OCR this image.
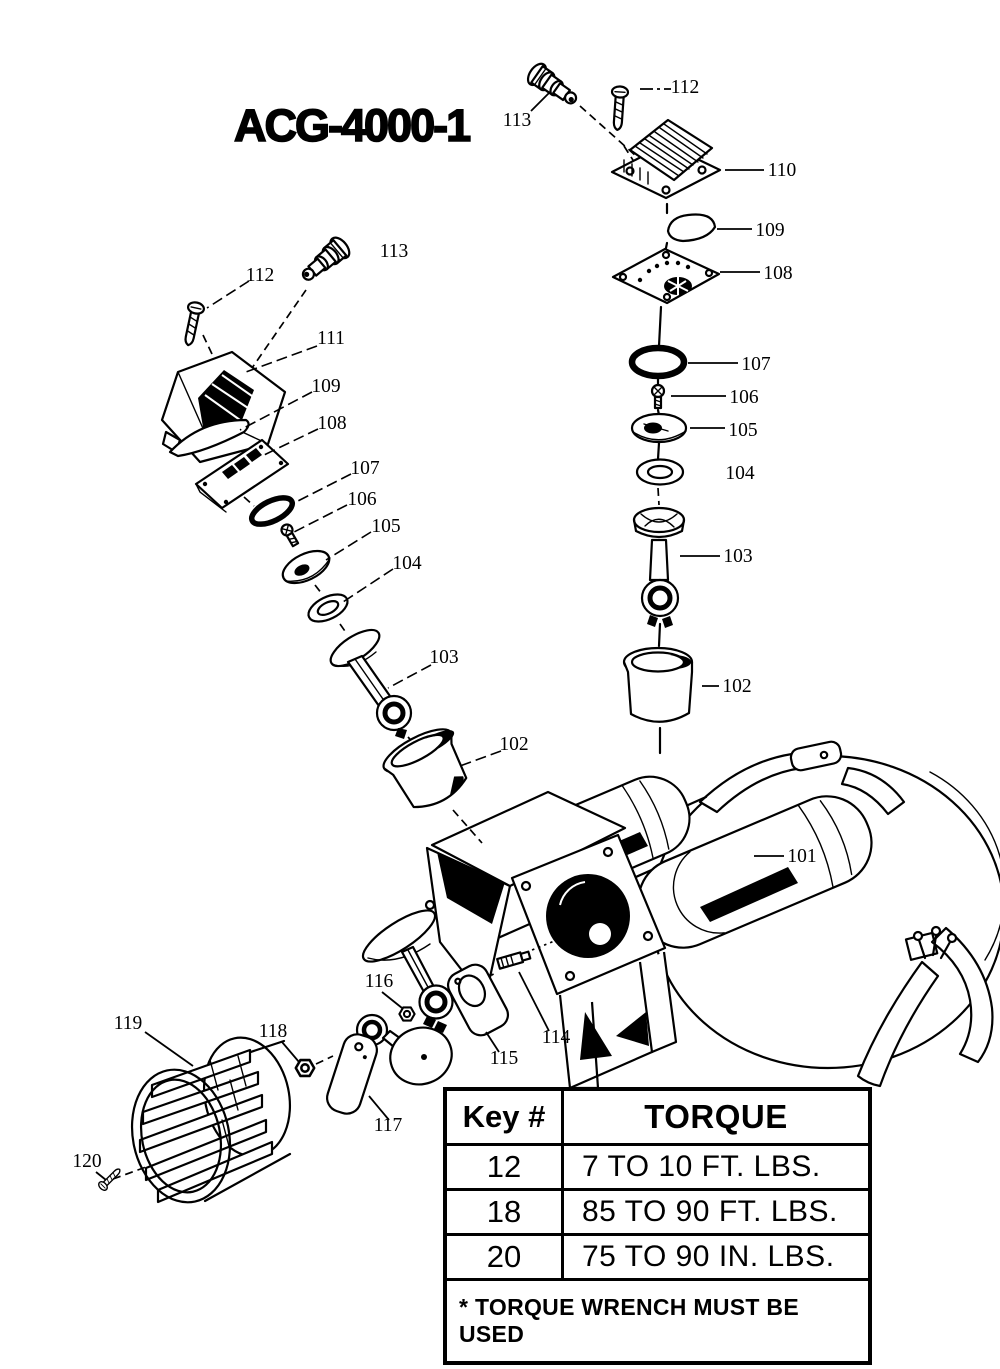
ACG-4000-1
112
113
111
109
108
107
106
105
104
103
102
113
112
110
109
108
107
106
105
104
103
102
101
114
115
116
117
118
119
120
Key #	TORQUE
12	7 TO 10 FT. LBS.
18	85 TO 90 FT. LBS.
20	75 TO 90 IN. LBS.
* TORQUE WRENCH MUST BE USED	
